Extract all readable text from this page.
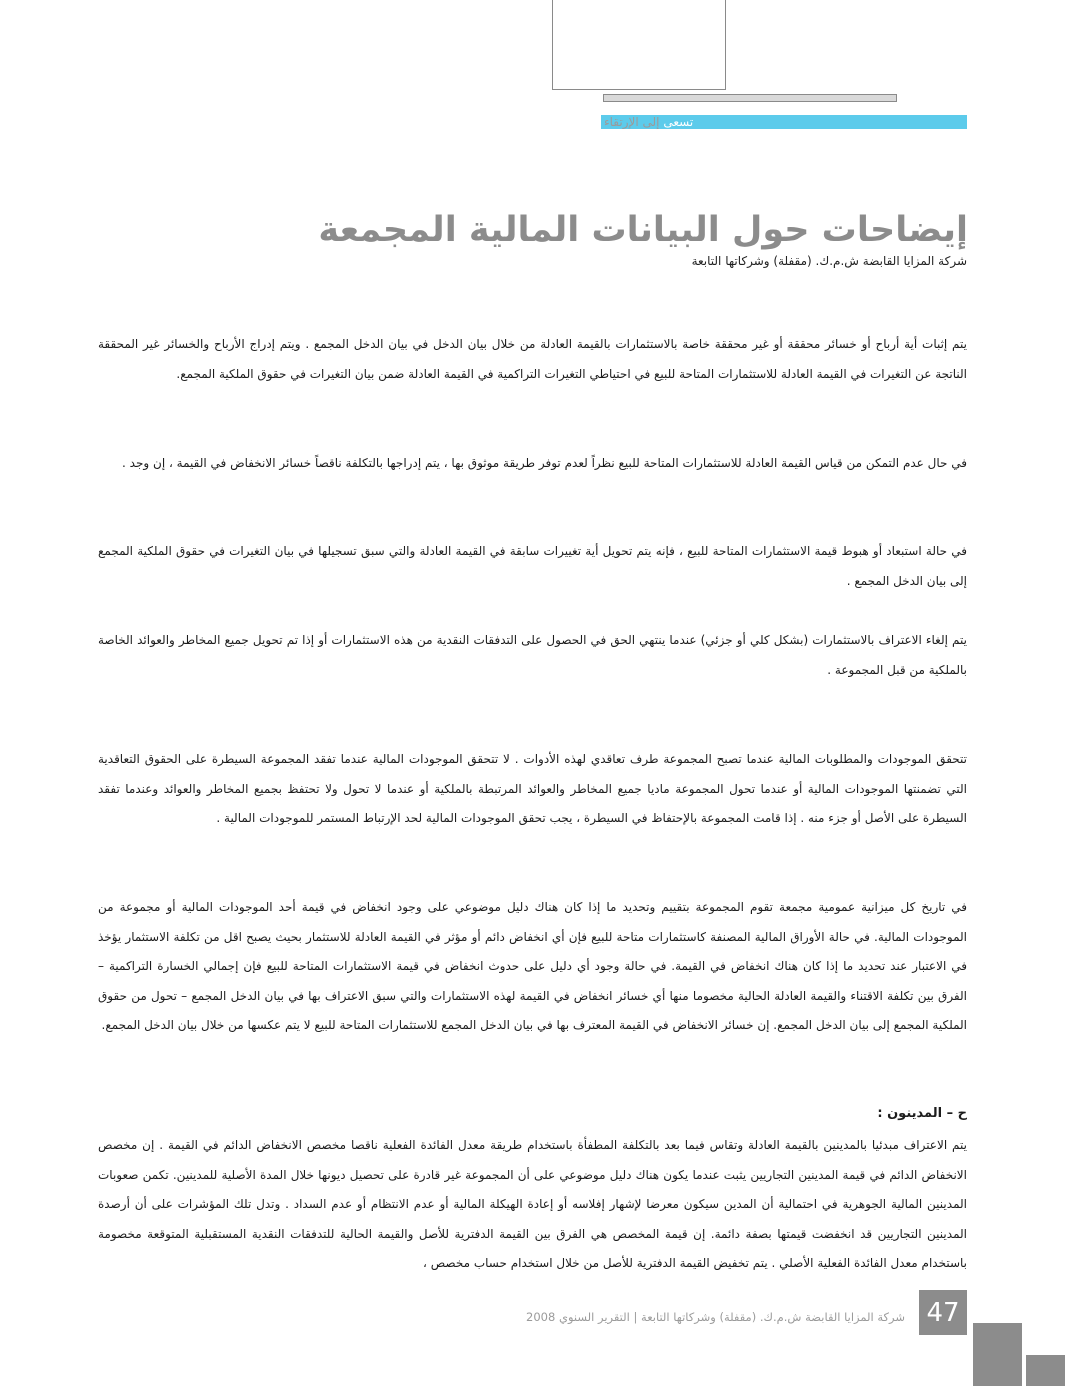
تسعى إلى الإرتقاء
إيضاحات حول البيانات المالية المجمعة
شركة المزايا القابضة ش.م.ك. (مقفلة) وشركاتها التابعة

يتم إثبات أية أرباح أو خسائر محققة أو غير محققة خاصة بالاستثمارات بالقيمة العادلة من خلال بيان الدخل في بيان الدخل المجمع . ويتم إدراج الأرباح والخسائر غير المحققة الناتجة عن التغيرات في القيمة العادلة للاستثمارات المتاحة للبيع في احتياطي التغيرات التراكمية في القيمة العادلة ضمن بيان التغيرات في حقوق الملكية المجمع.

في حال عدم التمكن من قياس القيمة العادلة للاستثمارات المتاحة للبيع نظراً لعدم توفر طريقة موثوق بها ، يتم إدراجها بالتكلفة ناقصاً خسائر الانخفاض في القيمة ، إن وجد .

في حالة استبعاد أو هبوط قيمة الاستثمارات المتاحة للبيع ، فإنه يتم تحويل أية تغييرات سابقة في القيمة العادلة والتي سبق تسجيلها في بيان التغيرات في حقوق الملكية المجمع إلى بيان الدخل المجمع .

يتم إلغاء الاعتراف بالاستثمارات (بشكل كلي أو جزئي) عندما ينتهي الحق في الحصول على التدفقات النقدية من هذه الاستثمارات أو إذا تم تحويل جميع المخاطر والعوائد الخاصة بالملكية من قبل المجموعة .

تتحقق الموجودات والمطلوبات المالية عندما تصبح المجموعة طرف تعاقدي لهذه الأدوات . لا تتحقق الموجودات المالية عندما تفقد المجموعة السيطرة على الحقوق التعاقدية التي تضمنتها الموجودات المالية أو عندما تحول المجموعة ماديا جميع المخاطر والعوائد المرتبطة بالملكية أو عندما لا تحول ولا تحتفظ بجميع المخاطر والعوائد وعندما تفقد السيطرة على الأصل أو جزء منه . إذا قامت المجموعة بالإحتفاظ في السيطرة ، يجب تحقق الموجودات المالية لحد الإرتباط المستمر للموجودات المالية .

في تاريخ كل ميزانية عمومية مجمعة تقوم المجموعة بتقييم وتحديد ما إذا كان هناك دليل موضوعي على وجود انخفاض في قيمة أحد الموجودات المالية أو مجموعة من الموجودات المالية. في حالة الأوراق المالية المصنفة كاستثمارات متاحة للبيع فإن أي انخفاض دائم أو مؤثر في القيمة العادلة للاستثمار بحيث يصبح اقل من تكلفة الاستثمار يؤخذ في الاعتبار عند تحديد ما إذا كان هناك انخفاض في القيمة. في حالة وجود أي دليل على حدوث انخفاض في قيمة الاستثمارات المتاحة للبيع فإن إجمالي الخسارة التراكمية – الفرق بين تكلفة الاقتناء والقيمة العادلة الحالية مخصوما منها أي خسائر انخفاض في القيمة لهذه الاستثمارات والتي سبق الاعتراف بها في بيان الدخل المجمع – تحول من حقوق الملكية المجمع إلى بيان الدخل المجمع. إن خسائر الانخفاض في القيمة المعترف بها في بيان الدخل المجمع للاستثمارات المتاحة للبيع لا يتم عكسها من خلال بيان الدخل المجمع.

ح – المدينون :

يتم الاعتراف مبدئيا بالمدينين بالقيمة العادلة وتقاس فيما بعد بالتكلفة المطفأة باستخدام طريقة معدل الفائدة الفعلية ناقصا مخصص الانخفاض الدائم في القيمة . إن مخصص الانخفاض الدائم في قيمة المدينين التجاريين يثبت عندما يكون هناك دليل موضوعي على أن المجموعة غير قادرة على تحصيل ديونها خلال المدة الأصلية للمدينين. تكمن صعوبات المدينين المالية الجوهرية في احتمالية أن المدين سيكون معرضا لإشهار إفلاسه أو إعادة الهيكلة المالية أو عدم الانتظام أو عدم السداد . وتدل تلك المؤشرات على أن أرصدة المدينين التجاريين قد انخفضت قيمتها بصفة دائمة. إن قيمة المخصص هي الفرق بين القيمة الدفترية للأصل والقيمة الحالية للتدفقات النقدية المستقبلية المتوقعة مخصومة باستخدام معدل الفائدة الفعلية الأصلي . يتم تخفيض القيمة الدفترية للأصل من خلال استخدام حساب مخصص ،

شركة المزايا القابضة ش.م.ك. (مقفلة) وشركاتها التابعة | التقرير السنوي 2008 47
